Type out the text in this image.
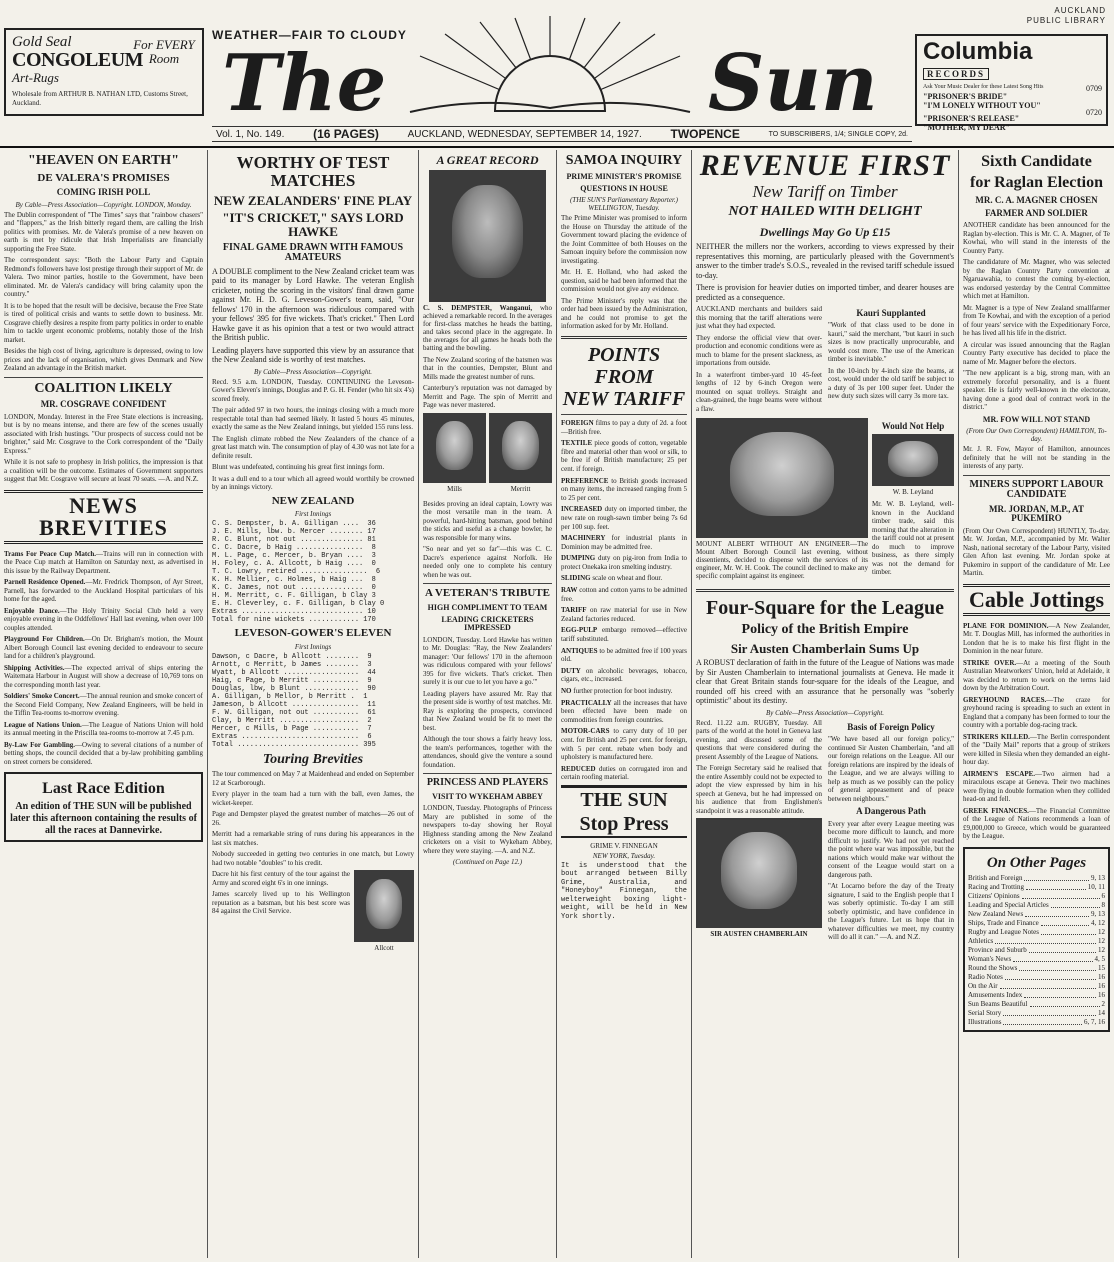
Gold Seal
CONGOLEUM
Art-Rugs
For EVERY Room
Wholesale from ARTHUR B. NATHAN LTD, Customs Street, Auckland.
WEATHER—FAIR TO CLOUDY
The	Sun
AUCKLAND
PUBLIC LIBRARY
Columbia
RECORDS
Ask Your Music Dealer for these Latest Song Hits
"PRISONER'S BRIDE"
"I'M LONELY WITHOUT YOU"
0709
"PRISONER'S RELEASE"
"MOTHER, MY DEAR"
0720
Vol. 1, No. 149. (16 PAGES)	AUCKLAND, WEDNESDAY, SEPTEMBER 14, 1927. TWOPENCE	TO SUBSCRIBERS, 1/4; SINGLE COPY, 2d.
"HEAVEN ON EARTH"
DE VALERA'S PROMISES
COMING IRISH POLL
By Cable—Press Association—Copyright. LONDON, Monday.

The Dublin correspondent of "The Times" says that "rainbow chasers" and "flappers," as the Irish bitterly regard them, are calling the Irish politics with promises. Mr. de Valera's promise of a new heaven on earth is met by ridicule that Irish Imperialists are financially supporting the Free State.

The correspondent says: "Both the Labour Party and Captain Redmond's followers have lost prestige through their support of Mr. de Valera. Two minor parties, hostile to the Government, have been eliminated. Mr. de Valera's candidacy will bring calamity upon the country."

It is to be hoped that the result will be decisive, because the Free State is tired of political crisis and wants to settle down to business. Mr. Cosgrave chiefly desires a respite from party politics in order to enable him to tackle urgent economic problems, notably those of the Irish market.

Besides the high cost of living, agriculture is depressed, owing to low prices and the lack of organisation, which gives Denmark and New Zealand an advantage in the British market.

COALITION LIKELY
MR. COSGRAVE CONFIDENT

LONDON, Monday. Interest in the Free State elections is increasing, but is by no means intense, and there are few of the scenes usually associated with Irish hustings. "Our prospects of success could not be brighter," said Mr. Cosgrave to the Cork correspondent of the "Daily Express."

While it is not safe to prophesy in Irish politics, the impression is that a coalition will be the outcome. Estimates of Government supporters suggest that Mr. Cosgrave will secure at least 70 seats. —A. and N.Z.

NEWS
BREVITIES

Trams For Peace Cup Match.—Trains will run in connection with the Peace Cup match at Hamilton on Saturday next, as advertised in this issue by the Railway Department.

Parnell Residence Opened.—Mr. Fredrick Thompson, of Ayr Street, Parnell, has forwarded to the Auckland Hospital particulars of his home for the aged.

Enjoyable Dance.—The Holy Trinity Social Club held a very enjoyable evening in the Oddfellows' Hall last evening, when over 100 couples attended.

Playground For Children.—On Dr. Brigham's motion, the Mount Albert Borough Council last evening decided to endeavour to secure land for a children's playground.

Shipping Activities.—The expected arrival of ships entering the Waitemata Harbour in August will show a decrease of 10,769 tons on the corresponding month last year.

Soldiers' Smoke Concert.—The annual reunion and smoke concert of the Second Field Company, New Zealand Engineers, will be held in the Tiffin Tea-rooms to-morrow evening.

League of Nations Union.—The League of Nations Union will hold its annual meeting in the Priscilla tea-rooms to-morrow at 7.45 p.m.

By-Law For Gambling.—Owing to several citations of a number of betting shops, the council decided that a by-law prohibiting gambling on street corners be considered.

Last Race Edition
An edition of THE SUN will be published later this afternoon containing the results of all the races at Dannevirke.
WORTHY OF TEST MATCHES
NEW ZEALANDERS' FINE PLAY
"IT'S CRICKET," SAYS LORD HAWKE
FINAL GAME DRAWN WITH FAMOUS AMATEURS

A DOUBLE compliment to the New Zealand cricket team was paid to its manager by Lord Hawke. The veteran English cricketer, noting the scoring in the visitors' final drawn game against Mr. H. D. G. Leveson-Gower's team, said, "Our fellows' 170 in the afternoon was ridiculous compared with your fellows' 395 for five wickets. That's cricket." Then Lord Hawke gave it as his opinion that a test or two would attract the British public.

Leading players have supported this view by an assurance that the New Zealand side is worthy of test matches.

By Cable—Press Association—Copyright.

Recd. 9.5 a.m. LONDON, Tuesday. CONTINUING the Leveson-Gower's Eleven's innings, Douglas and P. G. H. Fender (who hit six 4's) scored freely.

The pair added 97 in two hours, the innings closing with a much more respectable total than had seemed likely. It lasted 5 hours 45 minutes, exactly the same as the New Zealand innings, but yielded 155 runs less.

The English climate robbed the New Zealanders of the chance of a great last match win. The consumption of play of 4.30 was not late for a definite result.

Blunt was undefeated, continuing his great first innings form.

It was a dull end to a tour which all agreed would worthily be crowned by an innings victory.

NEW ZEALAND
First Innings
C. S. Dempster, b. A. Gilligan ....  36
J. E. Mills, lbw. b. Mercer ........ 17
R. C. Blunt, not out ............... 81
C. C. Dacre, b Haig ................  8
M. L. Page, c. Mercer, b. Bryan ....  3
H. Foley, c. A. Allcott, b Haig ....  0
T. C. Lowry, retired ................  6
K. H. Mellier, c. Holmes, b Haig ...  8
K. C. James, not out ...............  0
H. M. Merritt, c. F. Gilligan, b Clay 3
E. H. Cleverley, c. F. Gilligan, b Clay 0
Extras ............................. 10
Total for nine wickets ............ 170
LEVESON-GOWER'S ELEVEN
First Innings
Dawson, c Dacre, b Allcott ........  9
Arnott, c Merritt, b James ........  3
Wyatt, b Allcott ..................  44
Haig, c Page, b Merritt ...........  9
Douglas, lbw, b Blunt .............  90
A. Gilligan, b Mellor, b Merritt .  1
Jameson, b Allcott ................  11
F. W. Gilligan, not out ...........  61
Clay, b Merritt ...................  2
Mercer, c Mills, b Page ...........  7
Extras ............................  6
Total ............................. 395
Touring Brevities

The tour commenced on May 7 at Maidenhead and ended on September 12 at Scarborough.

Every player in the team had a turn with the ball, even James, the wicket-keeper.

Page and Dempster played the greatest number of matches—26 out of 26.

Merritt had a remarkable string of runs during his appearances in the last six matches.

Nobody succeeded in getting two centuries in one match, but Lowry had two notable "doubles" to his credit.

Dacre hit his first century of the tour against the Army and scored eight 6's in one innings.

James scarcely lived up to his Wellington reputation as a batsman, but his best score was 84 against the Civil Service.

Allcott
A GREAT RECORD
C. S. DEMPSTER, Wanganui, who achieved a remarkable record. In the averages for first-class matches he heads the batting, and takes second place in the aggregate. In the averages for all games he heads both the batting and the bowling.

The New Zealand scoring of the batsmen was that in the counties, Dempster, Blunt and Mills made the greatest number of runs.

Canterbury's reputation was not damaged by Merritt and Page. The spin of Merritt and Page was never mastered.

Mills	Merritt

Besides proving an ideal captain, Lowry was the most versatile man in the team. A powerful, hard-hitting batsman, good behind the sticks and useful as a change bowler, he was responsible for many wins.

"So near and yet so far"—this was C. C. Dacre's experience against Norfolk. He needed only one to complete his century when he was out.

A VETERAN'S TRIBUTE
HIGH COMPLIMENT TO TEAM
LEADING CRICKETERS IMPRESSED

LONDON, Tuesday. Lord Hawke has written to Mr. Douglas: "Ray, the New Zealanders' manager: 'Our fellows' 170 in the afternoon was ridiculous compared with your fellows' 395 for five wickets. That's cricket. Then surely it is our cue to let you have a go.'"

Leading players have assured Mr. Ray that the present side is worthy of test matches. Mr. Ray is exploring the prospects, convinced that New Zealand would be fit to meet the best.

Although the tour shows a fairly heavy loss, the team's performances, together with the attendances, should give the venture a sound foundation.

PRINCESS AND PLAYERS
VISIT TO WYKEHAM ABBEY

LONDON, Tuesday. Photographs of Princess Mary are published in some of the newspapers to-day showing her Royal Highness standing among the New Zealand cricketers on a visit to Wykeham Abbey, where they were staying. —A. and N.Z.

(Continued on Page 12.)
SAMOA INQUIRY
PRIME MINISTER'S PROMISE
QUESTIONS IN HOUSE
(THE SUN'S Parliamentary Reporter.) WELLINGTON, Tuesday.

The Prime Minister was promised to inform the House on Thursday the attitude of the Government toward placing the evidence of the Joint Committee of both Houses on the Samoan inquiry before the commission now investigating.

Mr. H. E. Holland, who had asked the question, said he had been informed that the commission would not give any evidence.

The Prime Minister's reply was that the order had been issued by the Administration, and he could not promise to get the information asked for by Mr. Holland.

POINTS FROM
NEW TARIFF

FOREIGN films to pay a duty of 2d. a foot—British free.

TEXTILE piece goods of cotton, vegetable fibre and material other than wool or silk, to be free if of British manufacture; 25 per cent. if foreign.

PREFERENCE to British goods increased on many items, the increased ranging from 5 to 25 per cent.

INCREASED duty on imported timber, the new rate on rough-sawn timber being 7s 6d per 100 sup. feet.

MACHINERY for industrial plants in Dominion may be admitted free.

DUMPING duty on pig-iron from India to protect Onekaka iron smelting industry.

SLIDING scale on wheat and flour.

RAW cotton and cotton yarns to be admitted free.

TARIFF on raw material for use in New Zealand factories reduced.

EGG-PULP embargo removed—effective tariff substituted.

ANTIQUES to be admitted free if 100 years old.

DUTY on alcoholic beverages, tobacco, cigars, etc., increased.

NO further protection for boot industry.

PRACTICALLY all the increases that have been effected have been made on commodities from foreign countries.

MOTOR-CARS to carry duty of 10 per cent. for British and 25 per cent. for foreign, with 5 per cent. rebate when body and upholstery is manufactured here.

REDUCED duties on corrugated iron and certain roofing material.

THE SUN Stop Press
GRIME V. FINNEGAN
NEW YORK, Tuesday.

It is understood that the bout arranged between Billy Grime, Australia, and "Honeyboy" Finnegan, the welterweight boxing light-weight, will be held in New York shortly.

REVENUE FIRST
New Tariff on Timber
NOT HAILED WITH DELIGHT
Dwellings May Go Up £15

NEITHER the millers nor the workers, according to views expressed by their representatives this morning, are particularly pleased with the Government's answer to the timber trade's S.O.S., revealed in the revised tariff schedule issued to-day.

There is provision for heavier duties on imported timber, and dearer houses are predicted as a consequence.

AUCKLAND merchants and builders said this morning that the tariff alterations were just what they had expected.

They endorse the official view that over-production and economic conditions were as much to blame for the present slackness, as importations from outside.

In a waterfront timber-yard 10 45-feet lengths of 12 by 6-inch Oregon were mounted on squat trolleys. Straight and clean-grained, the huge beams were without a flaw.

Kauri Supplanted

"Work of that class used to be done in kauri," said the merchant, "but kauri in such sizes is now practically unprocurable, and would cost more. The use of the American timber is inevitable."

In the 10-inch by 4-inch size the beams, at cost, would under the old tariff be subject to a duty of 3s per 100 super feet. Under the new duty such sizes will carry 3s more tax.

MOUNT ALBERT WITHOUT AN ENGINEER—The Mount Albert Borough Council last evening, without dissentients, decided to dispense with the services of its engineer, Mr. W. H. Cook. The council declined to make any specific complaint against its engineer.
Would Not Help
W. B. Leyland

Mr. W. B. Leyland, well-known in the Auckland timber trade, said this morning that the alteration in the tariff could not at present do much to improve business, as there simply was not the demand for timber.

Four-Square for the League
Policy of the British Empire
Sir Austen Chamberlain Sums Up

A ROBUST declaration of faith in the future of the League of Nations was made by Sir Austen Chamberlain to international journalists at Geneva. He made it clear that Great Britain stands four-square for the ideals of the League, and rounded off his creed with an assurance that he personally was "soberly optimistic" about its destiny.

By Cable—Press Association—Copyright.

Recd. 11.22 a.m. RUGBY, Tuesday. All parts of the world at the hotel in Geneva last evening, and discussed some of the questions that were considered during the present Assembly of the League of Nations.

The Foreign Secretary said he realised that the entire Assembly could not be expected to adopt the view expressed by him in his speech at Geneva, but he had impressed on his audience that from Englishmen's standpoint it was a reasonable attitude.

SIR AUSTEN CHAMBERLAIN
Basis of Foreign Policy

"We have based all our foreign policy," continued Sir Austen Chamberlain, "and all our foreign relations on the League. All our foreign relations are inspired by the ideals of the League, and we are always willing to help as much as we possibly can the policy of general appeasement and of peace between neighbours."

A Dangerous Path

Every year after every League meeting was become more difficult to launch, and more difficult to justify. We had not yet reached the point where war was impossible, but the nations which would make war without the consent of the League would start on a dangerous path.

"At Locarno before the day of the Treaty signature, I said to the English people that I was soberly optimistic. To-day I am still soberly optimistic, and have confidence in the League's future. Let us hope that in whatever difficulties we meet, my country will do all it can." —A. and N.Z.

Sixth Candidate
for Raglan Election
MR. C. A. MAGNER CHOSEN
FARMER AND SOLDIER

ANOTHER candidate has been announced for the Raglan by-election. This is Mr. C. A. Magner, of Te Kowhai, who will stand in the interests of the Country Party.

The candidature of Mr. Magner, who was selected by the Raglan Country Party convention at Ngaruawahia, to contest the coming by-election, was endorsed yesterday by the Central Committee which met at Hamilton.

Mr. Magner is a type of New Zealand smallfarmer from Te Kowhai, and with the exception of a period of four years' service with the Expeditionary Force, he has lived all his life in the district.

A circular was issued announcing that the Raglan Country Party executive has decided to place the name of Mr. Magner before the electors.

"The new applicant is a big, strong man, with an extremely forceful personality, and is a fluent speaker. He is fairly well-known in the electorate, having done a good deal of contract work in the district."

MR. FOW WILL NOT STAND
(From Our Own Correspondent) HAMILTON, To-day.

Mr. J. R. Fow, Mayor of Hamilton, announces definitely that he will not be standing in the interests of any party.

MINERS SUPPORT LABOUR CANDIDATE
MR. JORDAN, M.P., AT PUKEMIRO

(From Our Own Correspondent) HUNTLY, To-day. Mr. W. Jordan, M.P., accompanied by Mr. Walter Nash, national secretary of the Labour Party, visited Glen Afton last evening. Mr. Jordan spoke at Pukemiro in support of the candidature of Mr. Lee Martin.

Cable Jottings

PLANE FOR DOMINION.—A New Zealander, Mr. T. Douglas Mill, has informed the authorities in London that he is to make his first flight in the Dominion in the near future.

STRIKE OVER.—At a meeting of the South Australian Meatworkers' Union, held at Adelaide, it was decided to return to work on the terms laid down by the Arbitration Court.

GREYHOUND RACES.—The craze for greyhound racing is spreading to such an extent in England that a company has been formed to tour the country with a portable dog-racing track.

STRIKERS KILLED.—The Berlin correspondent of the "Daily Mail" reports that a group of strikers were killed in Silesia when they demanded an eight-hour day.

AIRMEN'S ESCAPE.—Two airmen had a miraculous escape at Geneva. Their two machines were flying in double formation when they collided head-on and fell.

GREEK FINANCES.—The Financial Committee of the League of Nations recommends a loan of £9,000,000 to Greece, which would be guaranteed by the League.

On Other Pages
British and Foreign	9, 13
Racing and Trotting	10, 11
Citizens' Opinions	6
Leading and Special Articles	8
New Zealand News	9, 13
Ships, Trade and Finance	4, 12
Rugby and League Notes	12
Athletics	12
Province and Suburb	12
Woman's News	4, 5
Round the Shows	15
Radio Notes	16
On the Air	16
Amusements Index	16
Sun Beams Beautiful	2
Serial Story	14
Illustrations	6, 7, 16
